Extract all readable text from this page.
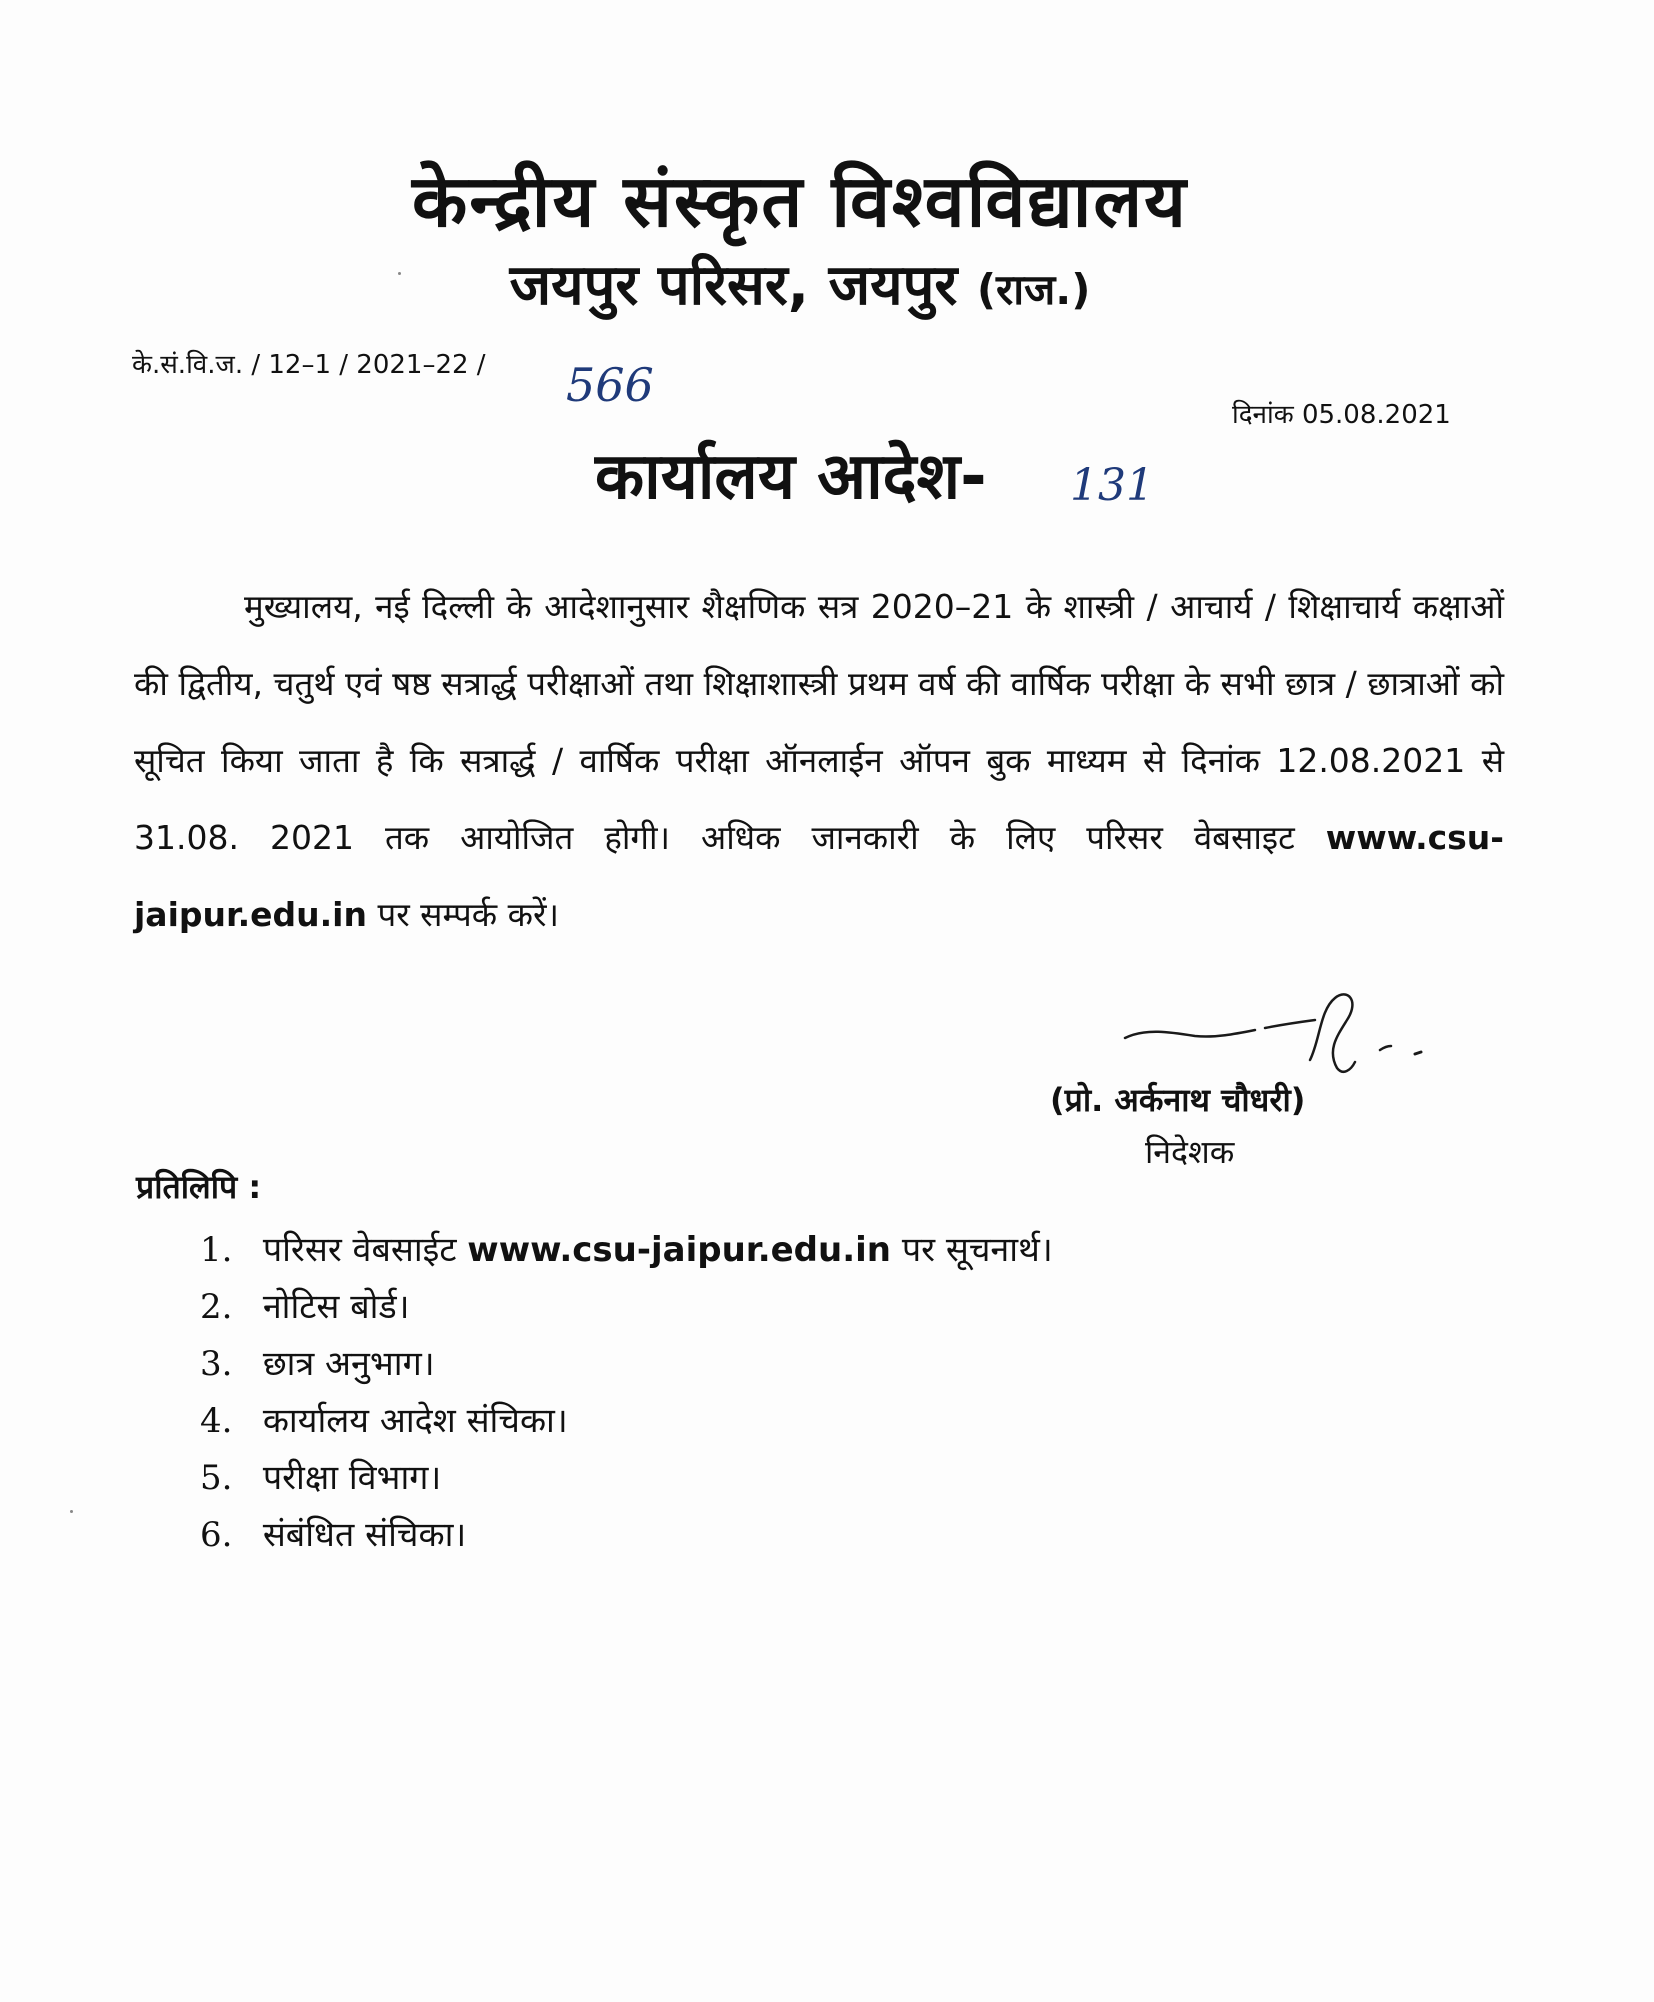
केन्द्रीय संस्कृत विश्वविद्यालय
जयपुर परिसर, जयपुर (राज.)
के.सं.वि.ज. / 12–1 / 2021–22 / 566
दिनांक 05.08.2021
कार्यालय आदेश- 131

मुख्यालय, नई दिल्ली के आदेशानुसार शैक्षणिक सत्र 2020–21 के शास्त्री / आचार्य / शिक्षाचार्य कक्षाओं की द्वितीय, चतुर्थ एवं षष्ठ सत्रार्द्ध परीक्षाओं तथा शिक्षाशास्त्री प्रथम वर्ष की वार्षिक परीक्षा के सभी छात्र / छात्राओं को सूचित किया जाता है कि सत्रार्द्ध / वार्षिक परीक्षा ऑनलाईन ऑपन बुक माध्यम से दिनांक 12.08.2021 से 31.08. 2021 तक आयोजित होगी। अधिक जानकारी के लिए परिसर वेबसाइट www.csu-jaipur.edu.in पर सम्पर्क करें।

(प्रो. अर्कनाथ चौधरी)
निदेशक
प्रतिलिपि :
1. परिसर वेबसाईट www.csu-jaipur.edu.in पर सूचनार्थ।
2. नोटिस बोर्ड।
3. छात्र अनुभाग।
4. कार्यालय आदेश संचिका।
5. परीक्षा विभाग।
6. संबंधित संचिका।
